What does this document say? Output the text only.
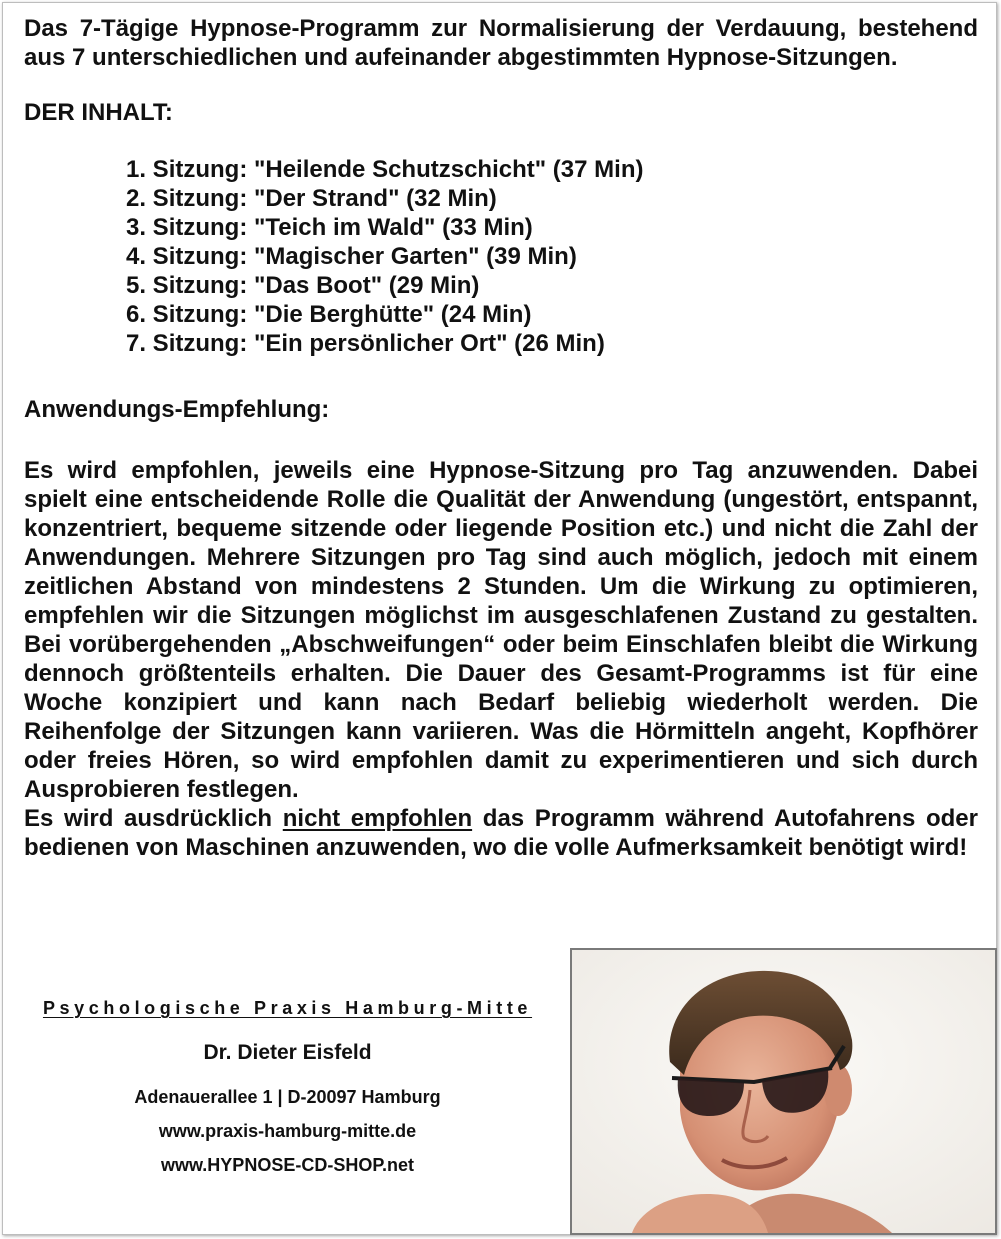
Das 7-Tägige Hypnose-Programm zur Normalisierung der Verdauung, bestehend aus 7 unterschiedlichen und aufeinander abgestimmten Hypnose-Sitzungen.

DER INHALT:

1. Sitzung: "Heilende Schutzschicht" (37 Min)
2. Sitzung: "Der Strand" (32 Min)
3. Sitzung: "Teich im Wald" (33 Min)
4. Sitzung: "Magischer Garten" (39 Min)
5. Sitzung: "Das Boot" (29 Min)
6. Sitzung: "Die Berghütte" (24 Min)
7. Sitzung: "Ein persönlicher Ort" (26 Min)

Anwendungs-Empfehlung:

Es wird empfohlen, jeweils eine Hypnose-Sitzung pro Tag anzuwenden. Dabei spielt eine entscheidende Rolle die Qualität der Anwendung (ungestört, entspannt, konzentriert, bequeme sitzende oder liegende Position etc.) und nicht die Zahl der Anwendungen. Mehrere Sitzungen pro Tag sind auch möglich, jedoch mit einem zeitlichen Abstand von mindestens 2 Stunden. Um die Wirkung zu optimieren, empfehlen wir die Sitzungen möglichst im ausgeschlafenen Zustand zu gestalten. Bei vorübergehenden „Abschweifungen“ oder beim Einschlafen bleibt die Wirkung dennoch größtenteils erhalten. Die Dauer des Gesamt-Programms ist für eine Woche konzipiert und kann nach Bedarf beliebig wiederholt werden. Die Reihenfolge der Sitzungen kann variieren. Was die Hörmitteln angeht, Kopfhörer oder freies Hören, so wird empfohlen damit zu experimentieren und sich durch Ausprobieren festlegen.

Es wird ausdrücklich nicht empfohlen das Programm während Autofahrens oder bedienen von Maschinen anzuwenden, wo die volle Aufmerksamkeit benötigt wird!

Psychologische Praxis Hamburg-Mitte

Dr. Dieter Eisfeld

Adenauerallee 1 | D-20097 Hamburg

www.praxis-hamburg-mitte.de

www.HYPNOSE-CD-SHOP.net
